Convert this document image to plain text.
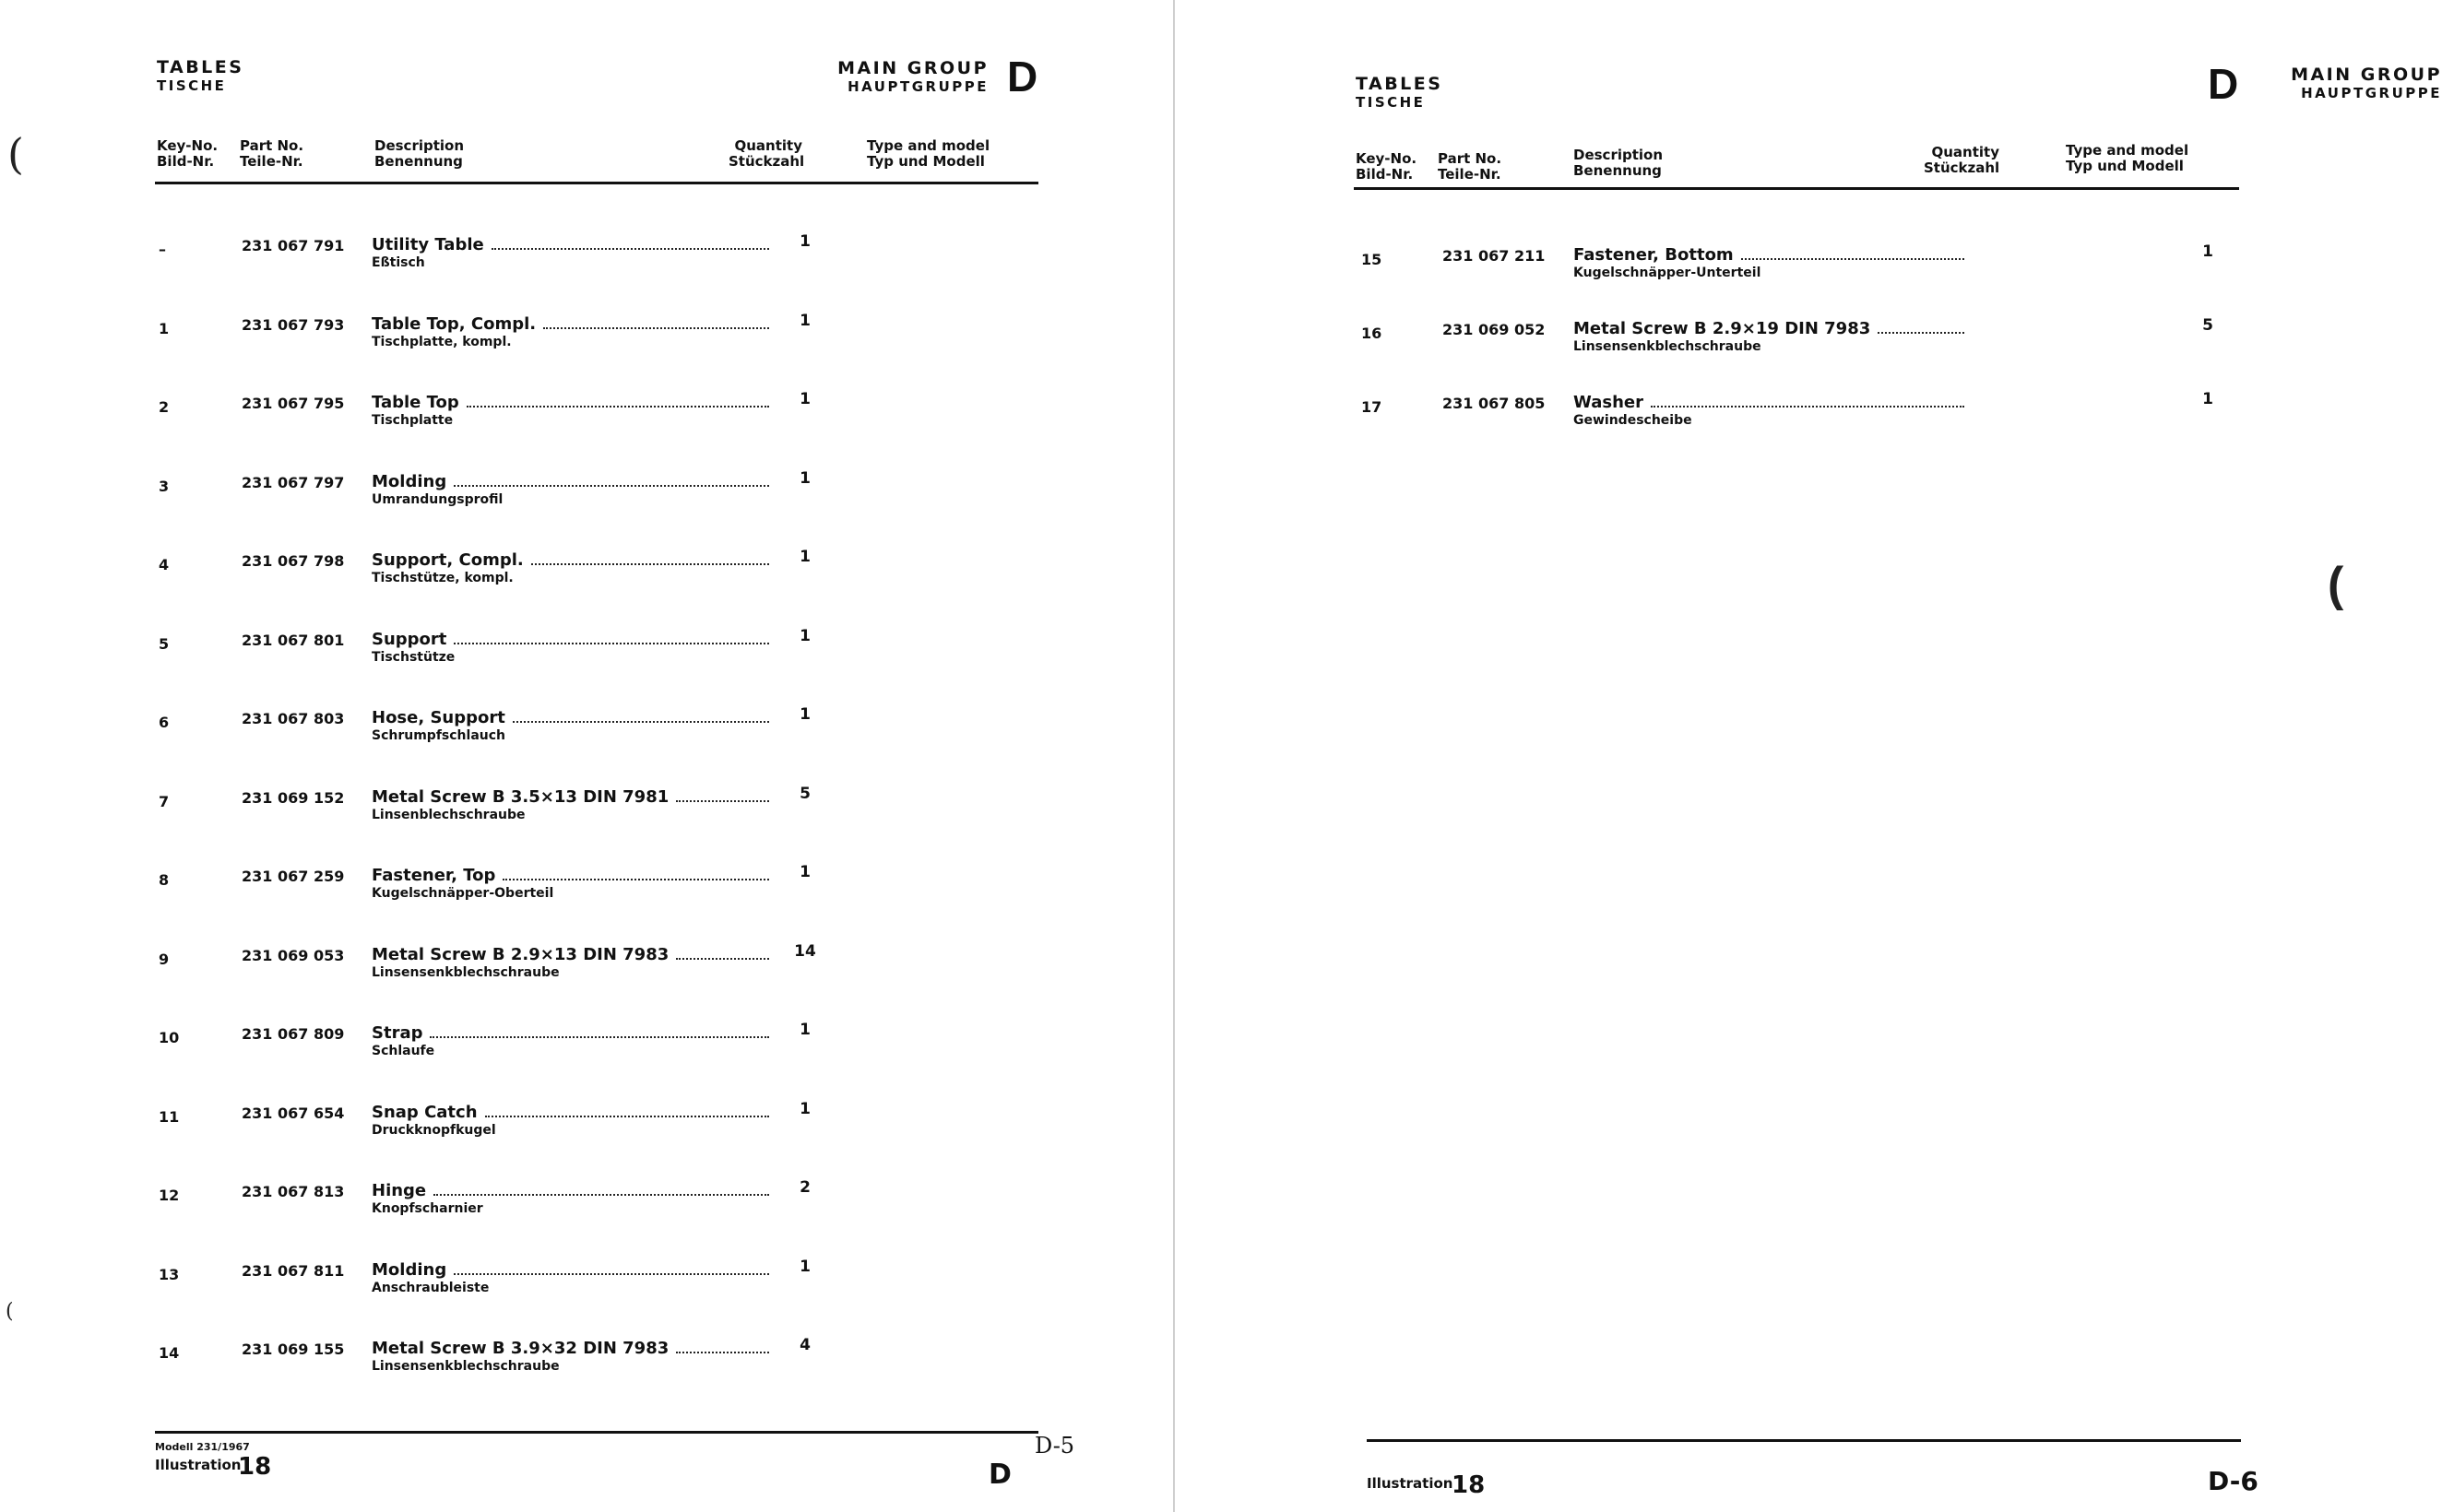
TABLES
TISCHE
MAIN GROUP
HAUPTGRUPPE D
Key-No.
Bild-Nr.
Part No.
Teile-Nr.
Description
Benennung
Quantity
Stückzahl
Type and model
Typ und Modell
–	231 067 791 Utility Table
Eßtisch
1
1	231 067 793 Table Top, Compl.
Tischplatte, kompl.
1
2	231 067 795 Table Top
Tischplatte
1
3	231 067 797 Molding
Umrandungsprofil
1
4	231 067 798 Support, Compl.
Tischstütze, kompl.
1
5	231 067 801 Support
Tischstütze
1
6	231 067 803 Hose, Support
Schrumpfschlauch
1
7	231 069 152 Metal Screw B 3.5×13 DIN 7981
Linsenblechschraube
5
8	231 067 259 Fastener, Top
Kugelschnäpper-Oberteil
1
9	231 069 053 Metal Screw B 2.9×13 DIN 7983
Linsensenkblechschraube
14
10	231 067 809 Strap
Schlaufe
1
11	231 067 654 Snap Catch
Druckknopfkugel
1
12	231 067 813 Hinge
Knopfscharnier
2
13	231 067 811 Molding
Anschraubleiste
1
14	231 069 155 Metal Screw B 3.9×32 DIN 7983
Linsensenkblechschraube
4
Modell 231/1967
Illustration
18	D
D-5
(
(
TABLES
TISCHE
MAIN GROUP
HAUPTGRUPPE
D
Key-No.
Bild-Nr.
Part No.
Teile-Nr.
Description
Benennung
Quantity
Stückzahl
Type and model
Typ und Modell
15	231 067 211 Fastener, Bottom
Kugelschnäpper-Unterteil
1
16	231 069 052 Metal Screw B 2.9×19 DIN 7983
Linsensenkblechschraube
5
17	231 067 805 Washer
Gewindescheibe
1
Illustration
18	D-6
(
